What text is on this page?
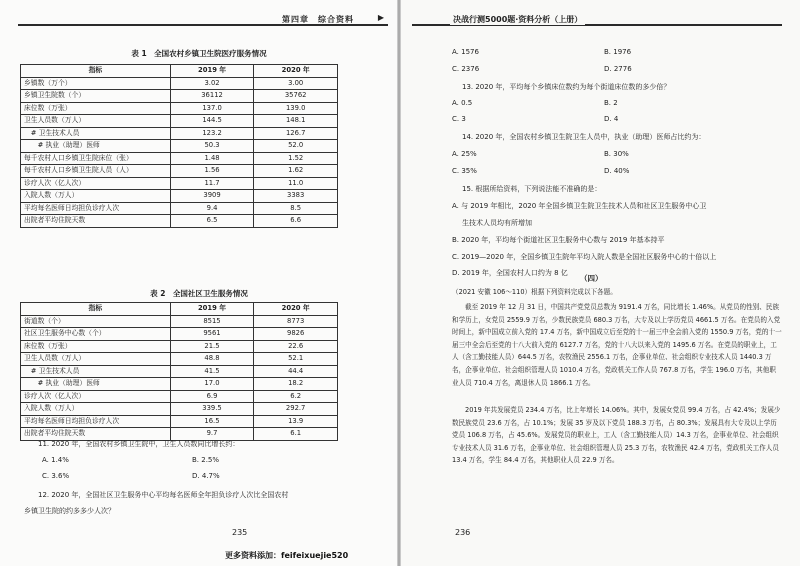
第四章　综合资料	▶	决战行测5000题·资料分析（上册）
表 1　全国农村乡镇卫生院医疗服务情况
指标	2019 年	2020 年
乡镇数（万个）	3.02	3.00
乡镇卫生院数（个）	36112	35762
床位数（万张）	137.0	139.0
卫生人员数（万人）	144.5	148.1
　# 卫生技术人员	123.2	126.7
　　# 执业（助理）医师	50.3	52.0
每千农村人口乡镇卫生院床位（张）	1.48	1.52
每千农村人口乡镇卫生院人员（人）	1.56	1.62
诊疗人次（亿人次）	11.7	11.0
入院人数（万人）	3909	3383
平均每名医师日均担负诊疗人次	9.4	8.5
出院者平均住院天数	6.5	6.6
表 2　全国社区卫生服务情况
指标	2019 年	2020 年
街道数（个）	8515	8773
社区卫生服务中心数（个）	9561	9826
床位数（万张）	21.5	22.6
卫生人员数（万人）	48.8	52.1
　# 卫生技术人员	41.5	44.4
　　# 执业（助理）医师	17.0	18.2
诊疗人次（亿人次）	6.9	6.2
入院人数（万人）	339.5	292.7
平均每名医师日均担负诊疗人次	16.5	13.9
出院者平均住院天数	9.7	6.1
11. 2020 年，全国农村乡镇卫生院中，卫生人员数同比增长约：
A. 1.4%	B. 2.5%
C. 3.6%	D. 4.7%
12. 2020 年，全国社区卫生服务中心平均每名医师全年担负诊疗人次比全国农村
乡镇卫生院的约多多少人次？
A. 1576	B. 1976
C. 2376	D. 2776
13. 2020 年，平均每个乡镇床位数约为每个街道床位数的多少倍？
A. 0.5	B. 2
C. 3	D. 4
14. 2020 年，全国农村乡镇卫生院卫生人员中，执业（助理）医师占比约为：
A. 25%	B. 30%
C. 35%	D. 40%
15. 根据所给资料，下列说法能不准确的是：
A. 与 2019 年相比，2020 年全国乡镇卫生院卫生技术人员和社区卫生服务中心卫
生技术人员均有所增加
B. 2020 年，平均每个街道社区卫生服务中心数与 2019 年基本持平
C. 2019—2020 年，全国乡镇卫生院年平均入院人数是全国社区服务中心的十倍以上
D. 2019 年，全国农村人口约为 8 亿
（四）
（2021 安徽 106～110）根据下列资料完成以下各题。
截至 2019 年 12 月 31 日，中国共产党党员总数为 9191.4 万名，同比增长 1.46%。从党员的性别、民族和学历上，女党员 2559.9 万名，少数民族党员 680.3 万名，大专及以上学历党员 4661.5 万名。在党员的入党时间上，新中国成立前入党的 17.4 万名，新中国成立后至党的十一届三中全会前入党的 1550.9 万名，党的十一届三中全会后至党的十八大前入党的 6127.7 万名，党的十八大以来入党的 1495.6 万名。在党员的职业上，工人（含工勤技能人员）644.5 万名，农牧渔民 2556.1 万名，企事业单位、社会组织专业技术人员 1440.3 万名，企事业单位、社会组织管理人员 1010.4 万名，党政机关工作人员 767.8 万名，学生 196.0 万名，其他职业人员 710.4 万名，离退休人员 1866.1 万名。
2019 年共发展党员 234.4 万名，比上年增长 14.06%。其中，发展女党员 99.4 万名，占 42.4%；发展少数民族党员 23.6 万名，占 10.1%；发展 35 岁及以下党员 188.3 万名，占 80.3%；发展具有大专及以上学历党员 106.8 万名，占 45.6%。发展党员的职业上，工人（含工勤技能人员）14.3 万名，企事业单位、社会组织专业技术人员 31.6 万名，企事业单位、社会组织管理人员 25.3 万名，农牧渔民 42.4 万名，党政机关工作人员 13.4 万名，学生 84.4 万名，其他职业人员 22.9 万名。
235	236
更多资料添加：feifeixuejie520
